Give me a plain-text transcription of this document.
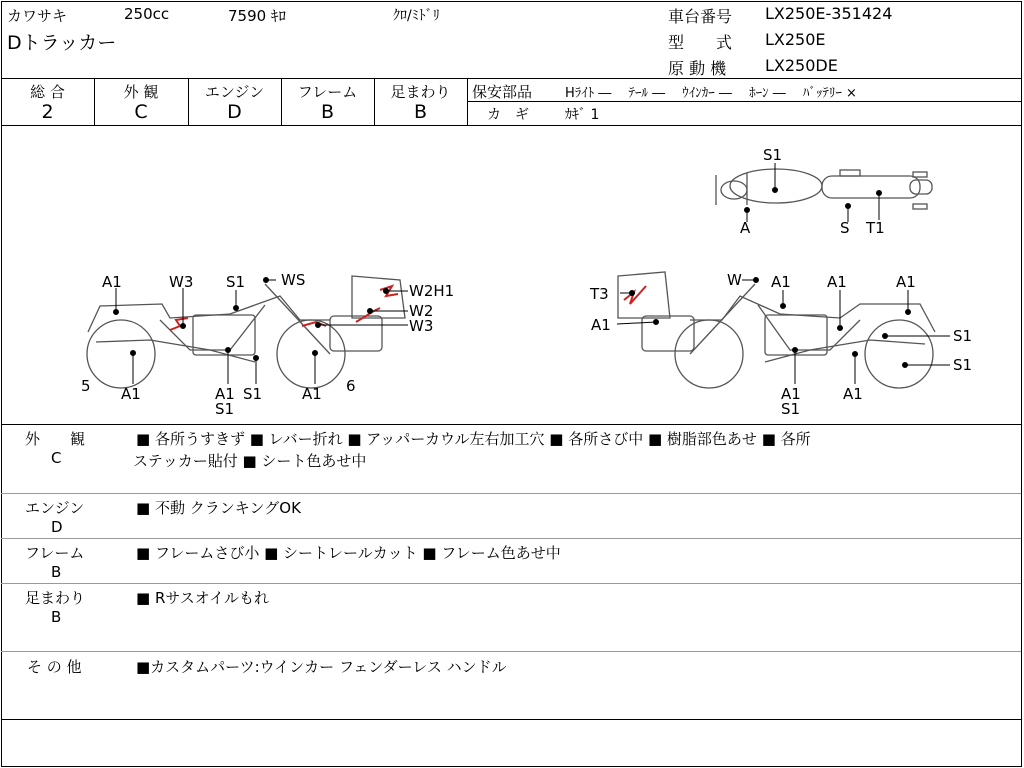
カワサキ	250cc	7590 ｷﾛ	ｸﾛ/ﾐﾄﾞﾘ
Dトラッカー
車台番号 LX250E-351424
型　　式 LX250E
原 動 機 LX250DE
総 合	外 観	エンジン	フレーム	足まわり
2	C	D	B	B
保安部品	Hﾗｲﾄ ―　 ﾃｰﾙ ―　 ｳｲﾝｶｰ ―　 ﾎｰﾝ ―　 ﾊﾞｯﾃﾘｰ ×
カ　ギ	ｶｷﾞ 1
S1
A	S T1
A1	W3 S1 WS
W2H1
W2
W3
5 A1	A1
S1
S1	A1 6
T3
W A1 A1	A1
A1
S1
S1
A1
S1
A1
外　　観
C
■ 各所うすきず ■ レバー折れ ■ アッパーカウル左右加工穴 ■ 各所さび中 ■ 樹脂部色あせ ■ 各所
ステッカー貼付 ■ シート色あせ中
エンジン
D
■ 不動 クランキングOK
フレーム
B
■ フレームさび小 ■ シートレールカット ■ フレーム色あせ中
足まわり
B
■ Rサスオイルもれ
そ の 他	■カスタムパーツ:ウインカー フェンダーレス ハンドル
